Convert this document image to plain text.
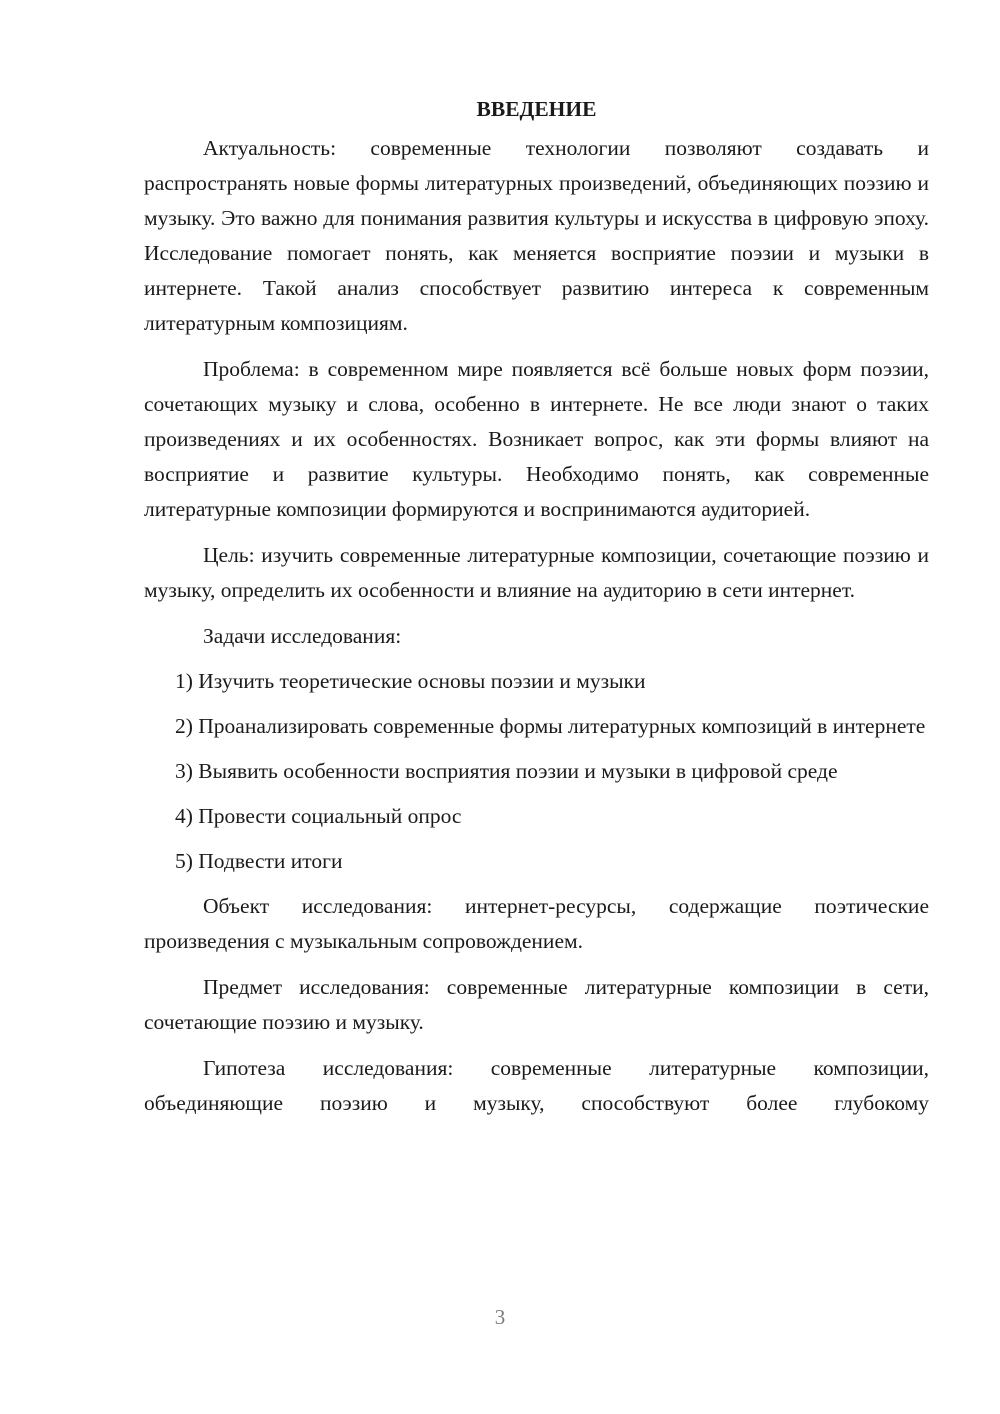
ВВЕДЕНИЕ

Актуальность: современные технологии позволяют создавать и распространять новые формы литературных произведений, объединяющих поэзию и музыку. Это важно для понимания развития культуры и искусства в цифровую эпоху. Исследование помогает понять, как меняется восприятие поэзии и музыки в интернете. Такой анализ способствует развитию интереса к современным литературным композициям.

Проблема: в современном мире появляется всё больше новых форм поэзии, сочетающих музыку и слова, особенно в интернете. Не все люди знают о таких произведениях и их особенностях. Возникает вопрос, как эти формы влияют на восприятие и развитие культуры. Необходимо понять, как современные литературные композиции формируются и воспринимаются аудиторией.

Цель: изучить современные литературные композиции, сочетающие поэзию и музыку, определить их особенности и влияние на аудиторию в сети интернет.

Задачи исследования:

1) Изучить теоретические основы поэзии и музыки

2) Проанализировать современные формы литературных композиций в интернете

3) Выявить особенности восприятия поэзии и музыки в цифровой среде

4) Провести социальный опрос

5) Подвести итоги

Объект исследования: интернет-ресурсы, содержащие поэтические произведения с музыкальным сопровождением.

Предмет исследования: современные литературные композиции в сети, сочетающие поэзию и музыку.

Гипотеза исследования: современные литературные композиции, объединяющие поэзию и музыку, способствуют более глубокому

3
